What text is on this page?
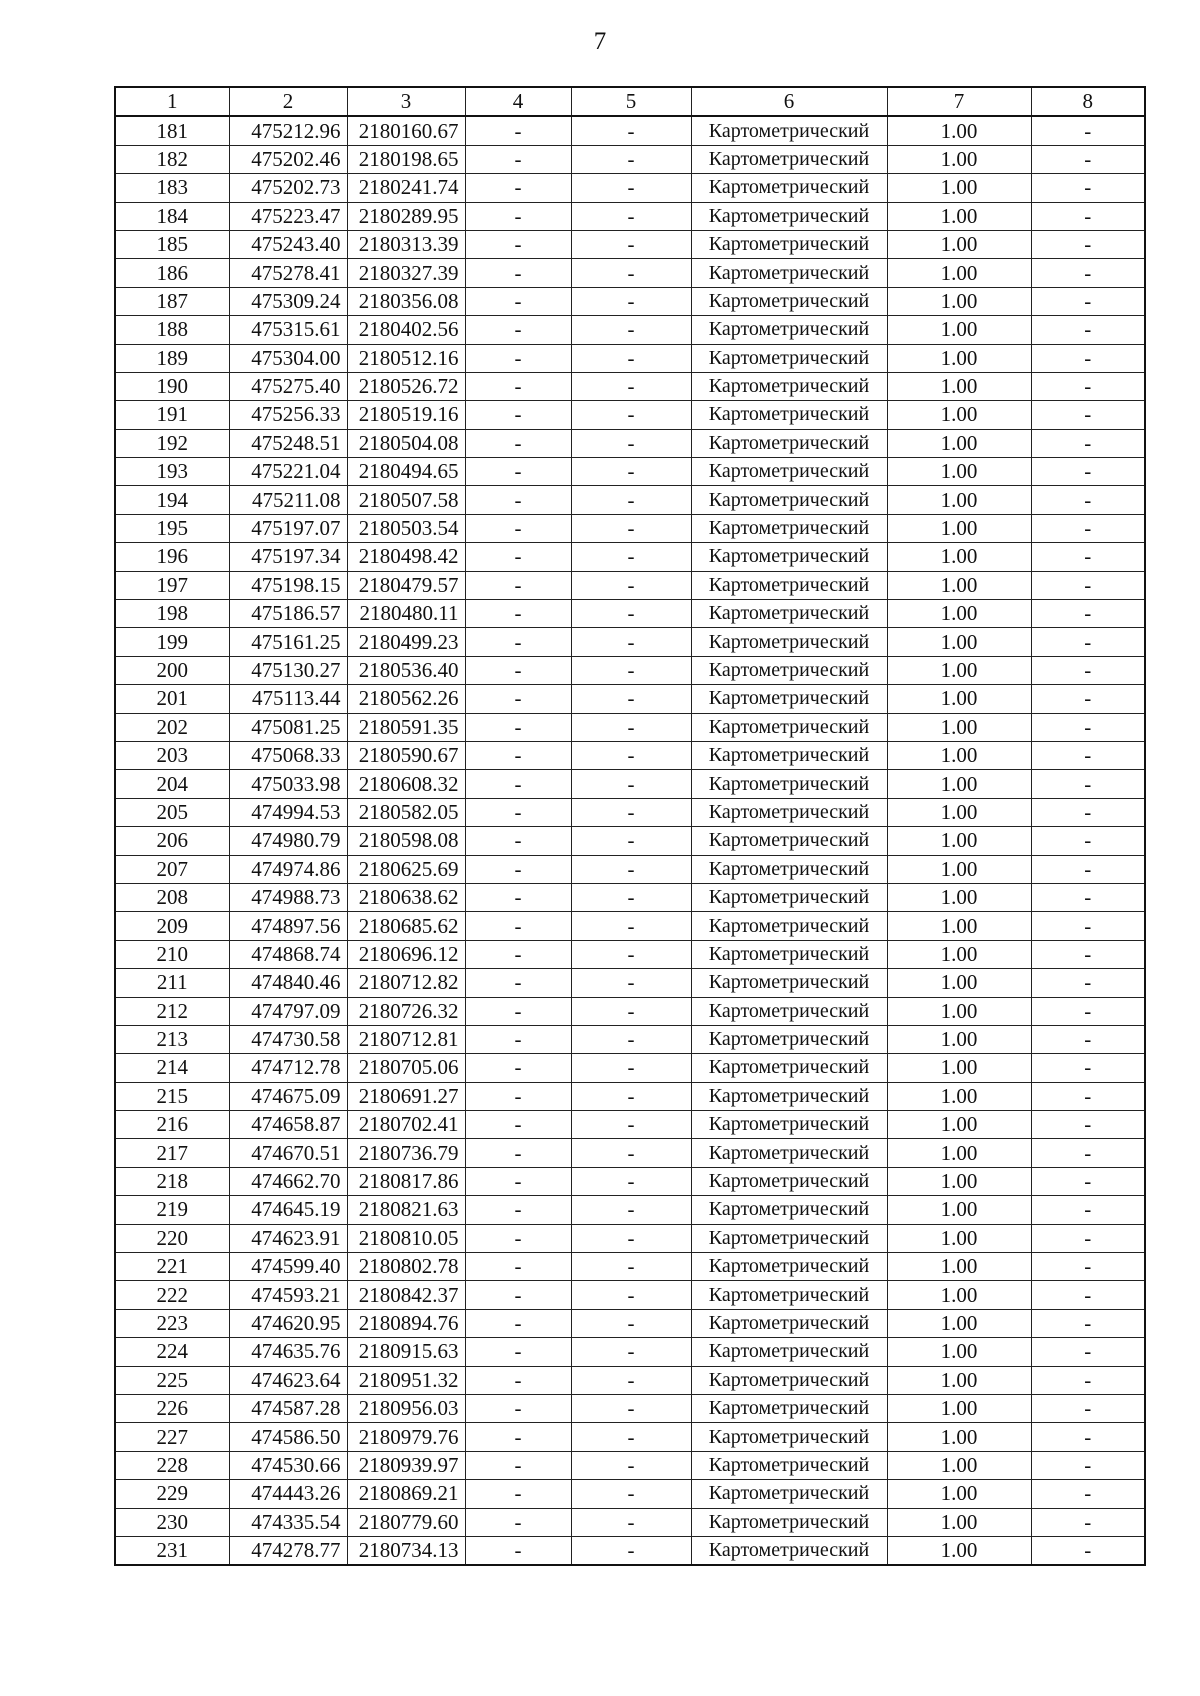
7
1	2	3	4	5	6	7	8
181	475212.96	2180160.67	-	-	Картометрический	1.00	-
182	475202.46	2180198.65	-	-	Картометрический	1.00	-
183	475202.73	2180241.74	-	-	Картометрический	1.00	-
184	475223.47	2180289.95	-	-	Картометрический	1.00	-
185	475243.40	2180313.39	-	-	Картометрический	1.00	-
186	475278.41	2180327.39	-	-	Картометрический	1.00	-
187	475309.24	2180356.08	-	-	Картометрический	1.00	-
188	475315.61	2180402.56	-	-	Картометрический	1.00	-
189	475304.00	2180512.16	-	-	Картометрический	1.00	-
190	475275.40	2180526.72	-	-	Картометрический	1.00	-
191	475256.33	2180519.16	-	-	Картометрический	1.00	-
192	475248.51	2180504.08	-	-	Картометрический	1.00	-
193	475221.04	2180494.65	-	-	Картометрический	1.00	-
194	475211.08	2180507.58	-	-	Картометрический	1.00	-
195	475197.07	2180503.54	-	-	Картометрический	1.00	-
196	475197.34	2180498.42	-	-	Картометрический	1.00	-
197	475198.15	2180479.57	-	-	Картометрический	1.00	-
198	475186.57	2180480.11	-	-	Картометрический	1.00	-
199	475161.25	2180499.23	-	-	Картометрический	1.00	-
200	475130.27	2180536.40	-	-	Картометрический	1.00	-
201	475113.44	2180562.26	-	-	Картометрический	1.00	-
202	475081.25	2180591.35	-	-	Картометрический	1.00	-
203	475068.33	2180590.67	-	-	Картометрический	1.00	-
204	475033.98	2180608.32	-	-	Картометрический	1.00	-
205	474994.53	2180582.05	-	-	Картометрический	1.00	-
206	474980.79	2180598.08	-	-	Картометрический	1.00	-
207	474974.86	2180625.69	-	-	Картометрический	1.00	-
208	474988.73	2180638.62	-	-	Картометрический	1.00	-
209	474897.56	2180685.62	-	-	Картометрический	1.00	-
210	474868.74	2180696.12	-	-	Картометрический	1.00	-
211	474840.46	2180712.82	-	-	Картометрический	1.00	-
212	474797.09	2180726.32	-	-	Картометрический	1.00	-
213	474730.58	2180712.81	-	-	Картометрический	1.00	-
214	474712.78	2180705.06	-	-	Картометрический	1.00	-
215	474675.09	2180691.27	-	-	Картометрический	1.00	-
216	474658.87	2180702.41	-	-	Картометрический	1.00	-
217	474670.51	2180736.79	-	-	Картометрический	1.00	-
218	474662.70	2180817.86	-	-	Картометрический	1.00	-
219	474645.19	2180821.63	-	-	Картометрический	1.00	-
220	474623.91	2180810.05	-	-	Картометрический	1.00	-
221	474599.40	2180802.78	-	-	Картометрический	1.00	-
222	474593.21	2180842.37	-	-	Картометрический	1.00	-
223	474620.95	2180894.76	-	-	Картометрический	1.00	-
224	474635.76	2180915.63	-	-	Картометрический	1.00	-
225	474623.64	2180951.32	-	-	Картометрический	1.00	-
226	474587.28	2180956.03	-	-	Картометрический	1.00	-
227	474586.50	2180979.76	-	-	Картометрический	1.00	-
228	474530.66	2180939.97	-	-	Картометрический	1.00	-
229	474443.26	2180869.21	-	-	Картометрический	1.00	-
230	474335.54	2180779.60	-	-	Картометрический	1.00	-
231	474278.77	2180734.13	-	-	Картометрический	1.00	-
